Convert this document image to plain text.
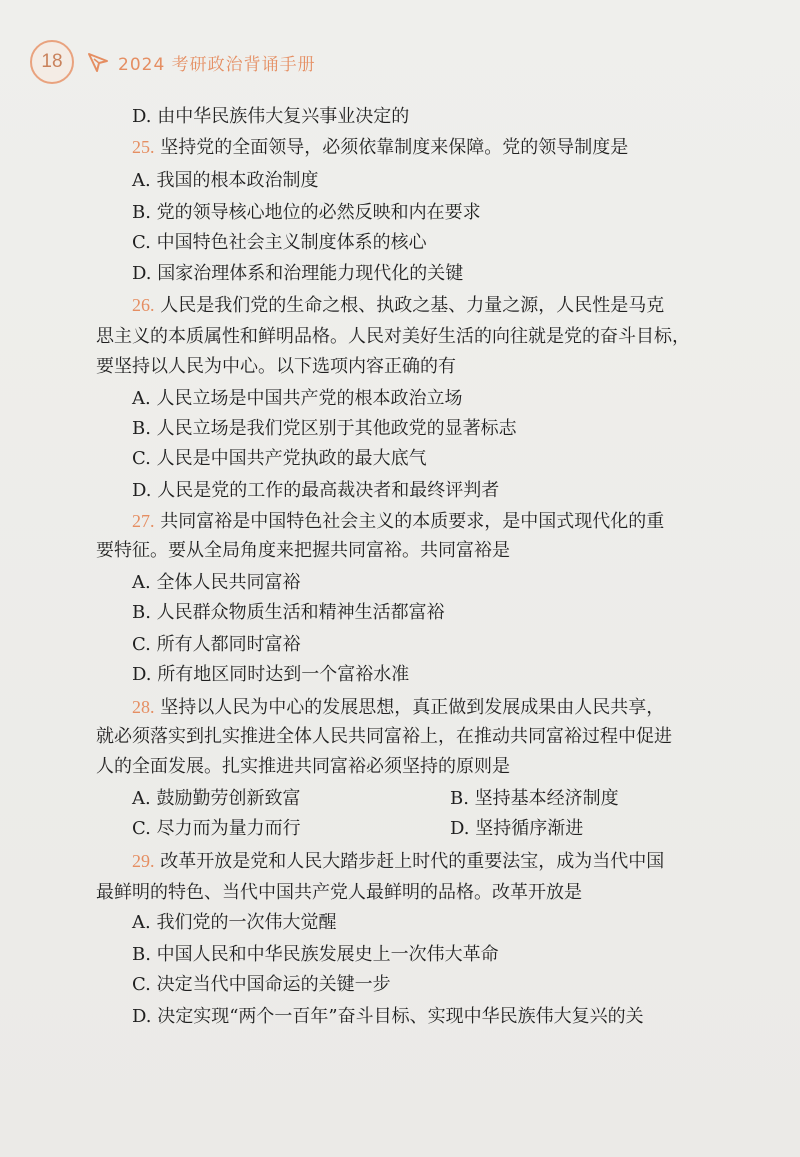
18	2024 考研政治背诵手册
D. 由中华民族伟大复兴事业决定的
25. 坚持党的全面领导，必须依靠制度来保障。党的领导制度是
A. 我国的根本政治制度
B. 党的领导核心地位的必然反映和内在要求
C. 中国特色社会主义制度体系的核心
D. 国家治理体系和治理能力现代化的关键
26. 人民是我们党的生命之根、执政之基、力量之源，人民性是马克
思主义的本质属性和鲜明品格。人民对美好生活的向往就是党的奋斗目标，
要坚持以人民为中心。以下选项内容正确的有
A. 人民立场是中国共产党的根本政治立场
B. 人民立场是我们党区别于其他政党的显著标志
C. 人民是中国共产党执政的最大底气
D. 人民是党的工作的最高裁决者和最终评判者
27. 共同富裕是中国特色社会主义的本质要求，是中国式现代化的重
要特征。要从全局角度来把握共同富裕。共同富裕是
A. 全体人民共同富裕
B. 人民群众物质生活和精神生活都富裕
C. 所有人都同时富裕
D. 所有地区同时达到一个富裕水准
28. 坚持以人民为中心的发展思想，真正做到发展成果由人民共享，
就必须落实到扎实推进全体人民共同富裕上，在推动共同富裕过程中促进
人的全面发展。扎实推进共同富裕必须坚持的原则是
A. 鼓励勤劳创新致富	B. 坚持基本经济制度
C. 尽力而为量力而行	D. 坚持循序渐进
29. 改革开放是党和人民大踏步赶上时代的重要法宝，成为当代中国
最鲜明的特色、当代中国共产党人最鲜明的品格。改革开放是
A. 我们党的一次伟大觉醒
B. 中国人民和中华民族发展史上一次伟大革命
C. 决定当代中国命运的关键一步
D. 决定实现“两个一百年”奋斗目标、实现中华民族伟大复兴的关
